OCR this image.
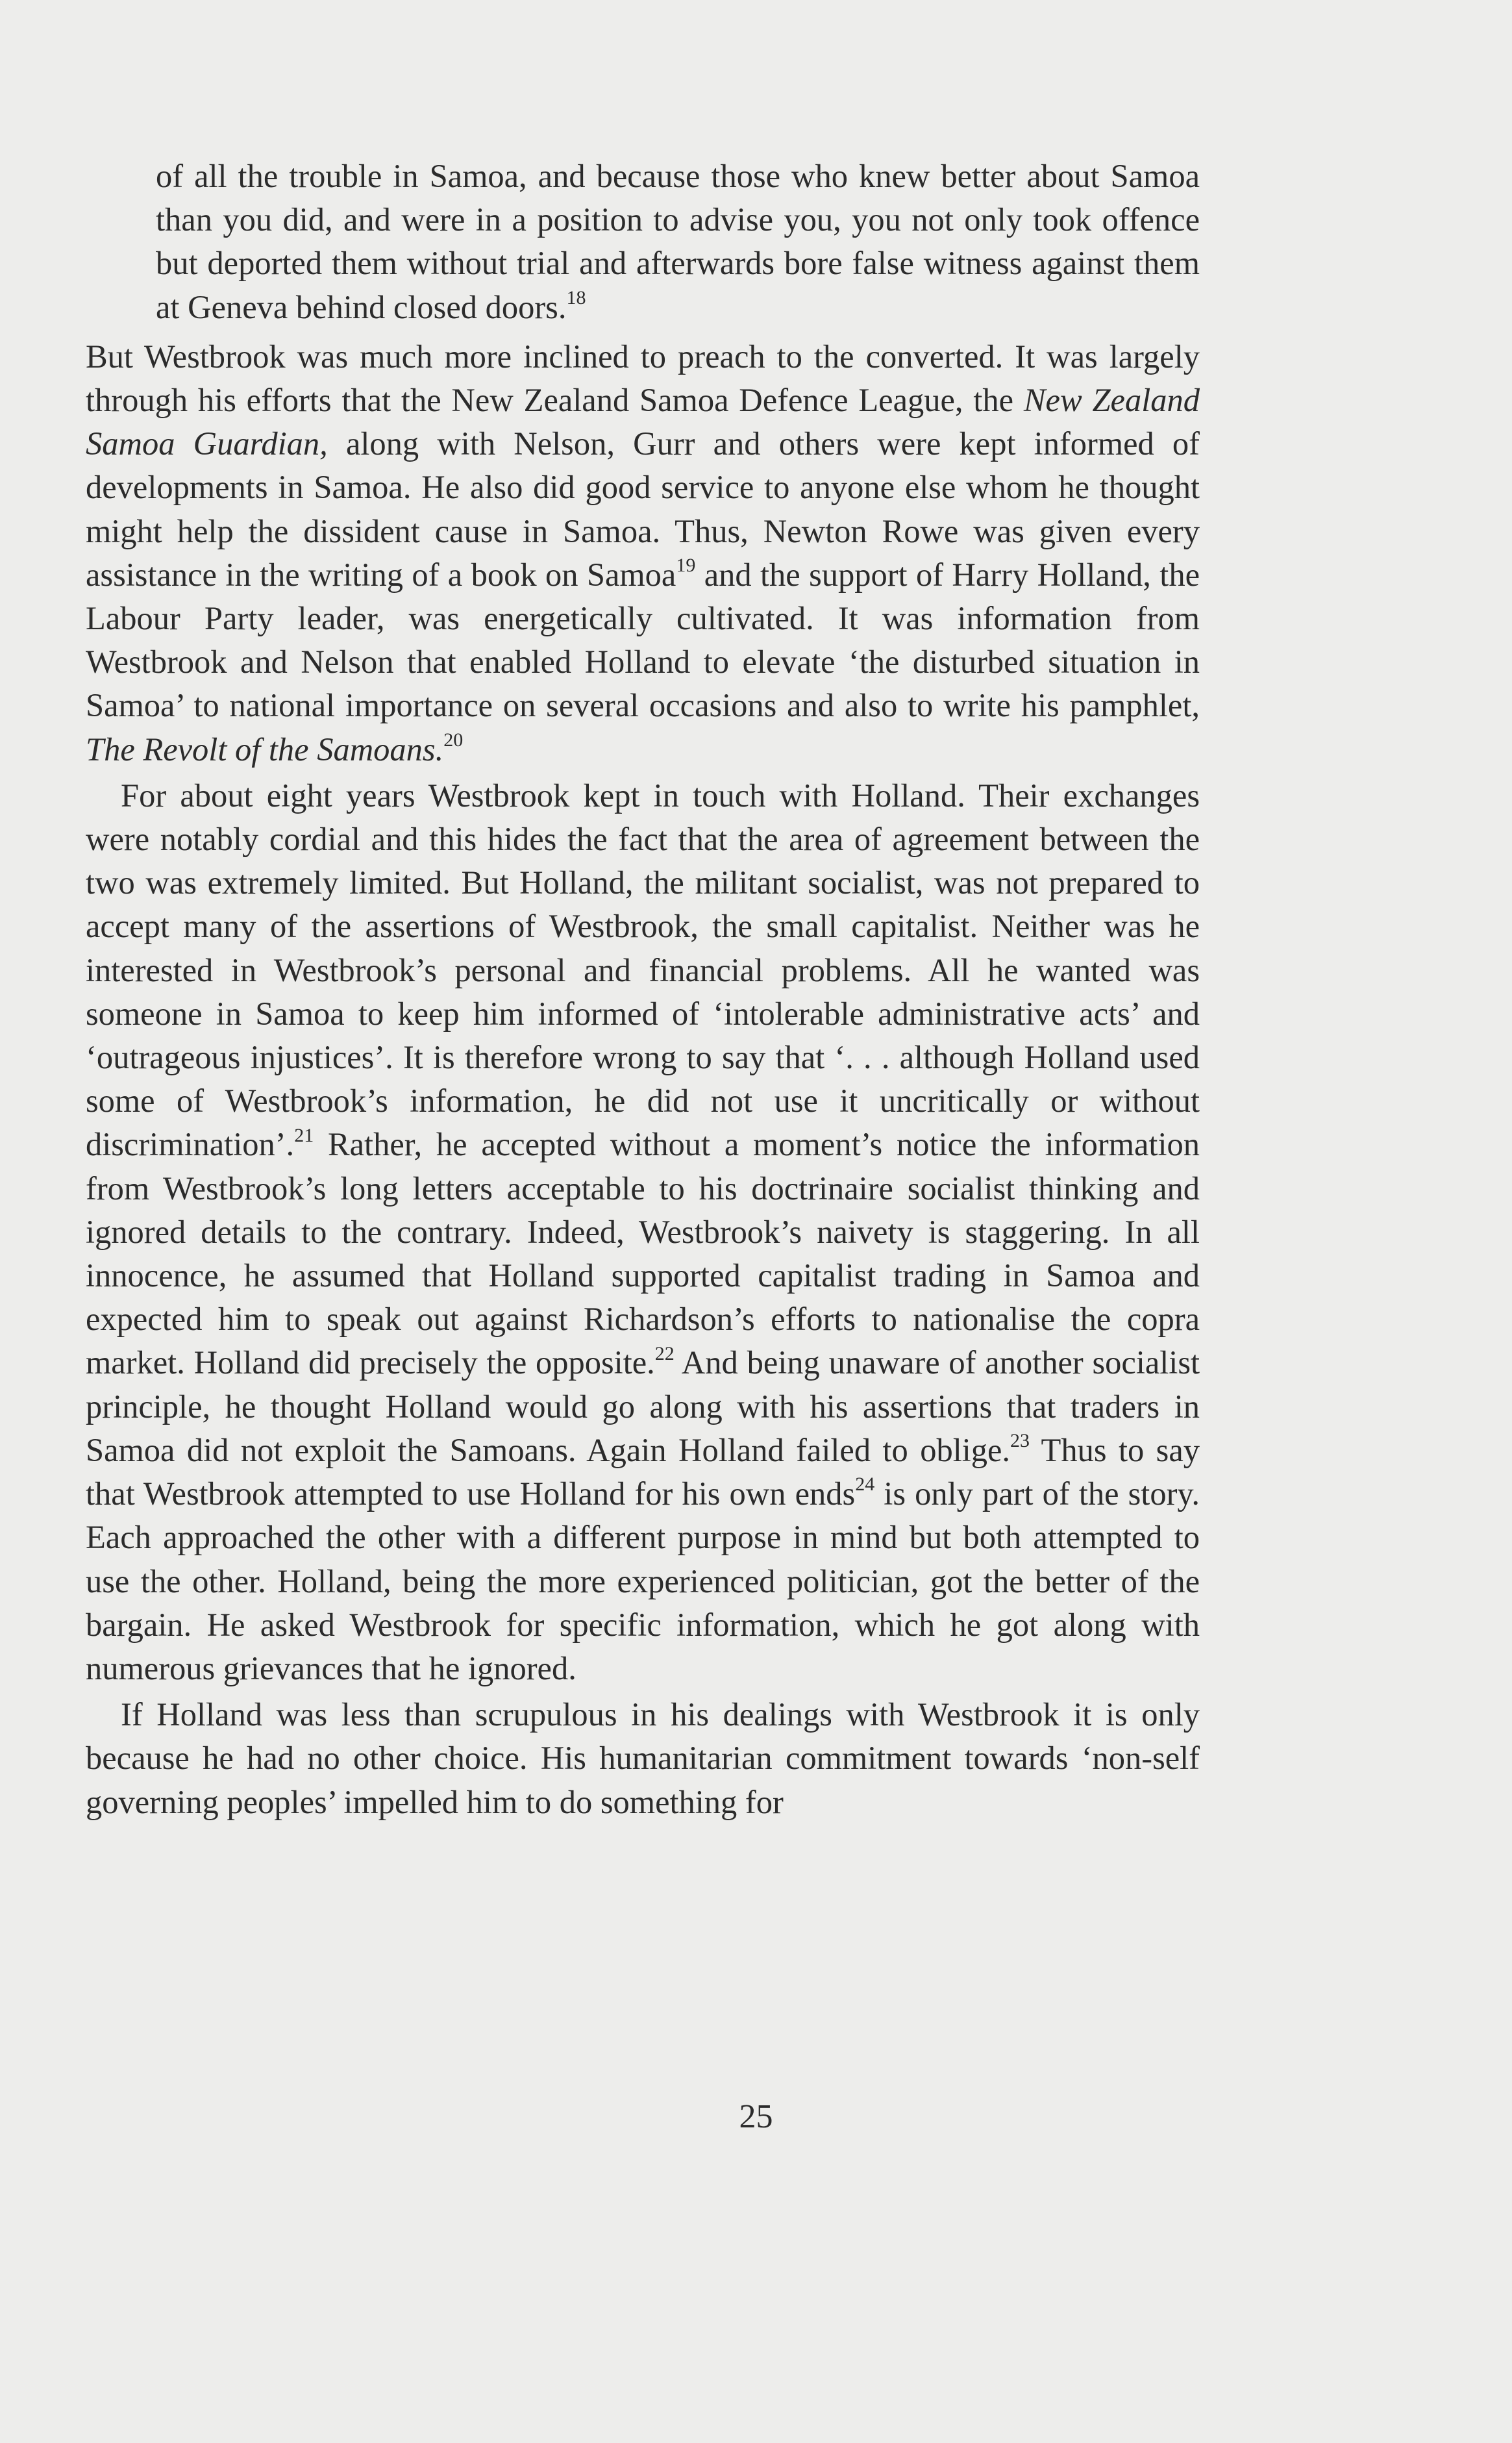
of all the trouble in Samoa, and because those who knew better about Samoa than you did, and were in a position to advise you, you not only took offence but deported them without trial and afterwards bore false witness against them at Geneva behind closed doors.$^{18}$

But Westbrook was much more inclined to preach to the converted. It was largely through his efforts that the New Zealand Samoa Defence League, the New Zealand Samoa Guardian, along with Nelson, Gurr and others were kept informed of developments in Samoa. He also did good service to anyone else whom he thought might help the dissident cause in Samoa. Thus, Newton Rowe was given every assistance in the writing of a book on Samoa$^{19}$ and the support of Harry Holland, the Labour Party leader, was energetically cultivated. It was information from Westbrook and Nelson that enabled Holland to elevate ‘the disturbed situation in Samoa’ to national importance on several occasions and also to write his pamphlet, The Revolt of the Samoans.$^{20}$

For about eight years Westbrook kept in touch with Holland. Their exchanges were notably cordial and this hides the fact that the area of agreement between the two was extremely limited. But Holland, the militant socialist, was not prepared to accept many of the assertions of Westbrook, the small capitalist. Neither was he interested in Westbrook’s personal and financial problems. All he wanted was someone in Samoa to keep him informed of ‘intolerable administrative acts’ and ‘outrageous injustices’. It is therefore wrong to say that ‘. . . although Holland used some of Westbrook’s information, he did not use it uncritically or without discrimination’.$^{21}$ Rather, he accepted without a moment’s notice the information from Westbrook’s long letters acceptable to his doctrinaire socialist thinking and ignored details to the contrary. Indeed, Westbrook’s naivety is staggering. In all innocence, he assumed that Holland supported capitalist trading in Samoa and expected him to speak out against Richardson’s efforts to nationalise the copra market. Holland did precisely the opposite.$^{22}$ And being unaware of another socialist principle, he thought Holland would go along with his assertions that traders in Samoa did not exploit the Samoans. Again Holland failed to oblige.$^{23}$ Thus to say that Westbrook attempted to use Holland for his own ends$^{24}$ is only part of the story. Each approached the other with a different purpose in mind but both attempted to use the other. Holland, being the more experienced politician, got the better of the bargain. He asked Westbrook for specific information, which he got along with numerous grievances that he ignored.

If Holland was less than scrupulous in his dealings with Westbrook it is only because he had no other choice. His humanitarian commitment towards ‘non-self governing peoples’ impelled him to do something for

25
